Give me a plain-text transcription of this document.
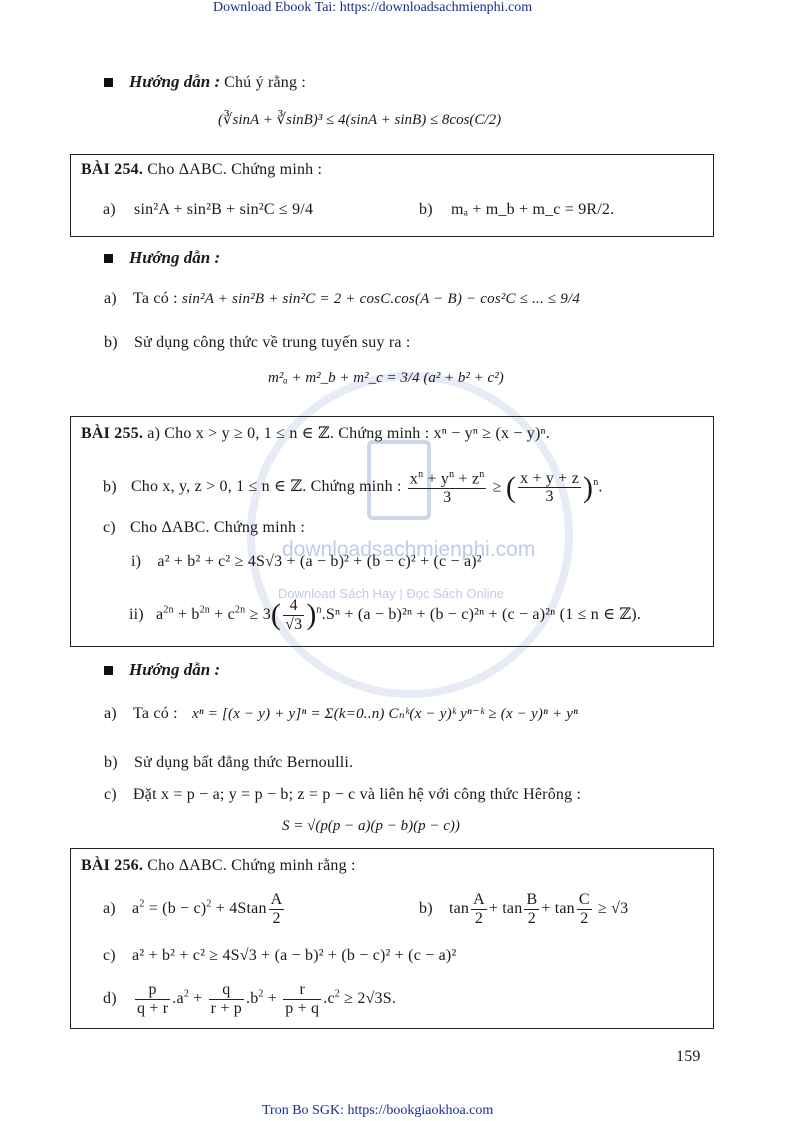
Download Ebook Tai: https://downloadsachmienphi.com
Tron Bo SGK: https://bookgiaokhoa.com
159
downloadsachmienphi.com
Download Sách Hay | Đọc Sách Online
Hướng dẫn : Chú ý rằng :
(∛sinA + ∛sinB)³ ≤ 4(sinA + sinB) ≤ 8cos(C/2)
BÀI 254. Cho ΔABC. Chứng minh :
a) sin²A + sin²B + sin²C ≤ 9/4	b) mₐ + m_b + m_c = 9R/2.
Hướng dẫn :
a) Ta có : sin²A + sin²B + sin²C = 2 + cosC.cos(A − B) − cos²C ≤ ... ≤ 9/4
b) Sử dụng công thức về trung tuyến suy ra :
m²ₐ + m²_b + m²_c = 3/4 (a² + b² + c²)
BÀI 255. a) Cho x > y ≥ 0, 1 ≤ n ∈ ℤ. Chứng minh : xⁿ − yⁿ ≥ (x − y)ⁿ.
b) Cho x, y, z > 0, 1 ≤ n ∈ ℤ. Chứng minh : $\frac{x^n + y^n + z^n}{3}$ ≥ ( $\frac{x + y + z}{3} )^n$.
c) Cho ΔABC. Chứng minh :
i) a² + b² + c² ≥ 4S√3 + (a − b)² + (b − c)² + (c − a)²
ii) $a^{2n} + b^{2n} + c^{2n} \ge 3( \frac{4}{√3} )^n.S^n + (a - b)^{2n} + (b - c)^{2n} + (c - a)^{2n}$ (1 ≤ n ∈ ℤ).
Hướng dẫn :
a) Ta có : xⁿ = [(x − y) + y]ⁿ = Σ(k=0..n) Cₙᵏ(x − y)ᵏ yⁿ⁻ᵏ ≥ (x − y)ⁿ + yⁿ
b) Sử dụng bất đẳng thức Bernoulli.
c) Đặt x = p − a; y = p − b; z = p − c và liên hệ với công thức Hêrông :
S = √(p(p − a)(p − b)(p − c))
BÀI 256. Cho ΔABC. Chứng minh rằng :
a) $a^2 = (b - c)^2 + 4Stan \frac{A}{2}$	b) $\tan \frac{A}{2} + \tan \frac{B}{2} + \tan \frac{C}{2} \ge √3$
c) a² + b² + c² ≥ 4S√3 + (a − b)² + (b − c)² + (c − a)²
$d) \frac{p}{q + r} .a^2 + \frac{q}{r + p} .b^2 + \frac{r}{p + q} .c^2 \ge 2√3S$.
